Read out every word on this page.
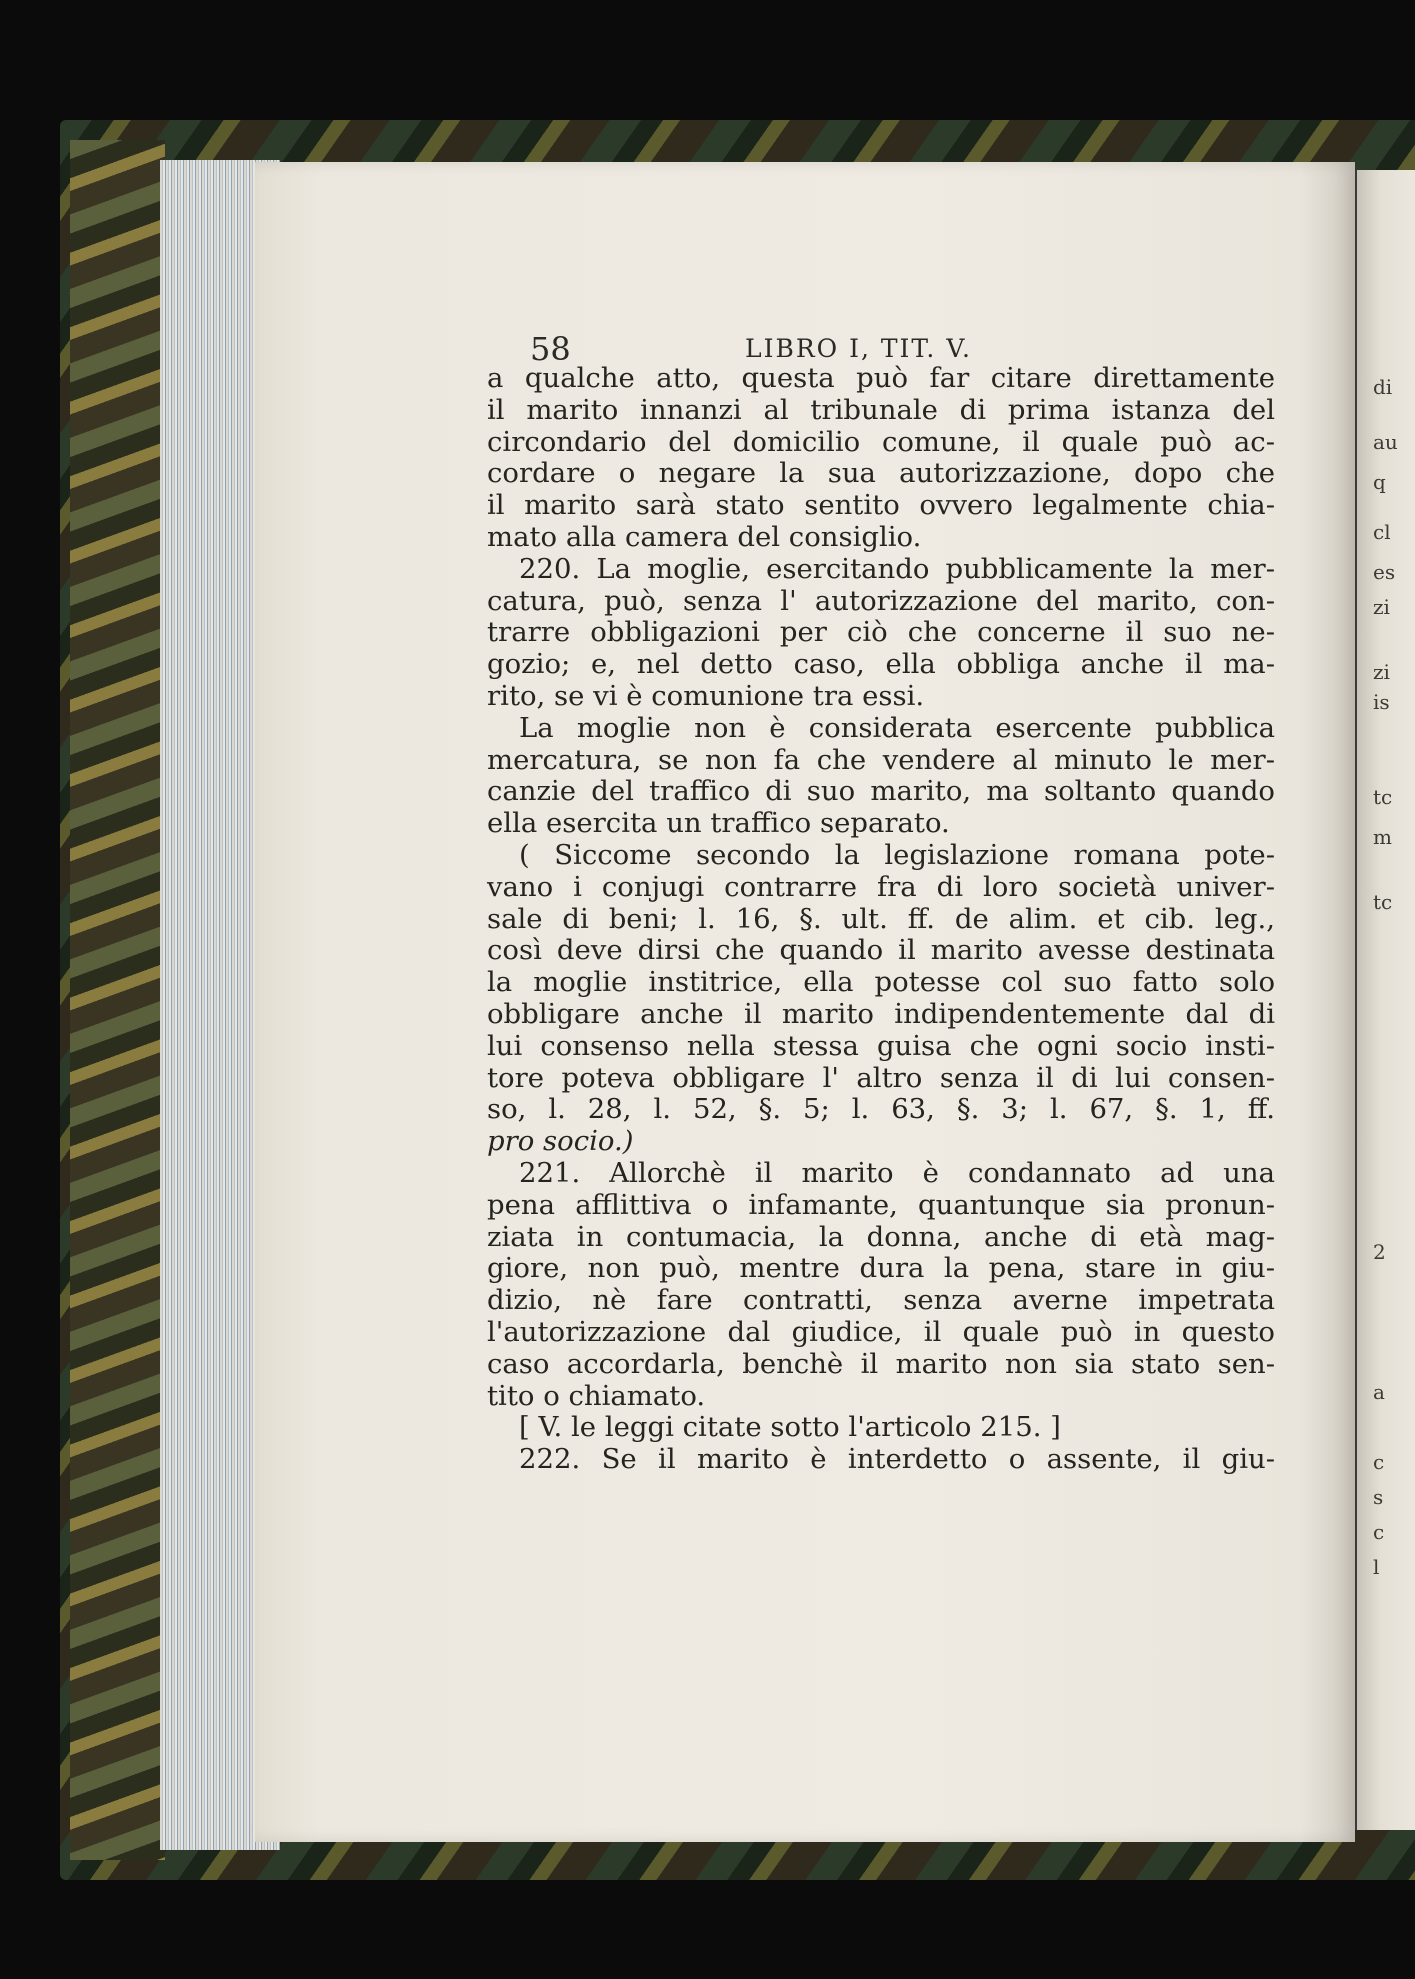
di
au
q
cl
es
zi
zi
is
tc
m
tc
2
a
c
s
c
l
58	LIBRO I, TIT. V.

a qualche atto, questa può far citare direttamente
il marito innanzi al tribunale di prima istanza del
circondario del domicilio comune, il quale può ac-
cordare o negare la sua autorizzazione, dopo che
il marito sarà stato sentito ovvero legalmente chia-
mato alla camera del consiglio.

220. La moglie, esercitando pubblicamente la mer-
catura, può, senza l' autorizzazione del marito, con-
trarre obbligazioni per ciò che concerne il suo ne-
gozio; e, nel detto caso, ella obbliga anche il ma-
rito, se vi è comunione tra essi.

La moglie non è considerata esercente pubblica
mercatura, se non fa che vendere al minuto le mer-
canzie del traffico di suo marito, ma soltanto quando
ella esercita un traffico separato.

( Siccome secondo la legislazione romana pote-
vano i conjugi contrarre fra di loro società univer-
sale di beni; l. 16, §. ult. ff. de alim. et cib. leg.,
così deve dirsi che quando il marito avesse destinata
la moglie institrice, ella potesse col suo fatto solo
obbligare anche il marito indipendentemente dal di
lui consenso nella stessa guisa che ogni socio insti-
tore poteva obbligare l' altro senza il di lui consen-
so, l. 28, l. 52, §. 5; l. 63, §. 3; l. 67, §. 1, ff.
pro socio.)

221. Allorchè il marito è condannato ad una
pena afflittiva o infamante, quantunque sia pronun-
ziata in contumacia, la donna, anche di età mag-
giore, non può, mentre dura la pena, stare in giu-
dizio, nè fare contratti, senza averne impetrata
l'autorizzazione dal giudice, il quale può in questo
caso accordarla, benchè il marito non sia stato sen-
tito o chiamato.

[ V. le leggi citate sotto l'articolo 215. ]

222. Se il marito è interdetto o assente, il giu-
